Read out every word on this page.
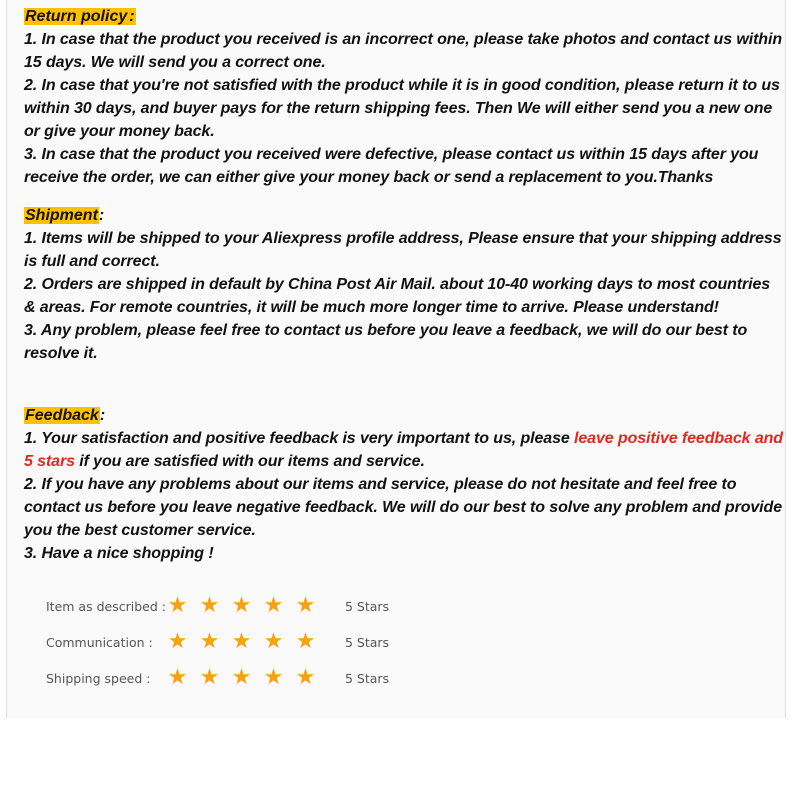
Return policy :

1. In case that the product you received is an incorrect one, please take photos and contact us within 15 days. We will send you a correct one.

2. In case that you're not satisfied with the product while it is in good condition, please return it to us within 30 days, and buyer pays for the return shipping fees. Then We will either send you a new one or give your money back.

3. In case that the product you received were defective, please contact us within 15 days after you receive the order, we can either give your money back or send a replacement to you.Thanks

Shipment:

1. Items will be shipped to your Aliexpress profile address, Please ensure that your shipping address is full and correct.

2. Orders are shipped in default by China Post Air Mail. about 10-40 working days to most countries & areas. For remote countries, it will be much more longer time to arrive. Please understand!

3. Any problem, please feel free to contact us before you leave a feedback, we will do our best to resolve it.

Feedback:

1. Your satisfaction and positive feedback is very important to us, please leave positive feedback and 5 stars if you are satisfied with our items and service.

2. If you have any problems about our items and service, please do not hesitate and feel free to contact us before you leave negative feedback. We will do our best to solve any problem and provide you the best customer service.

3. Have a nice shopping !

Item as described : ★ ★ ★ ★ ★ 5 Stars
Communication : ★ ★ ★ ★ ★ 5 Stars
Shipping speed : ★ ★ ★ ★ ★ 5 Stars
